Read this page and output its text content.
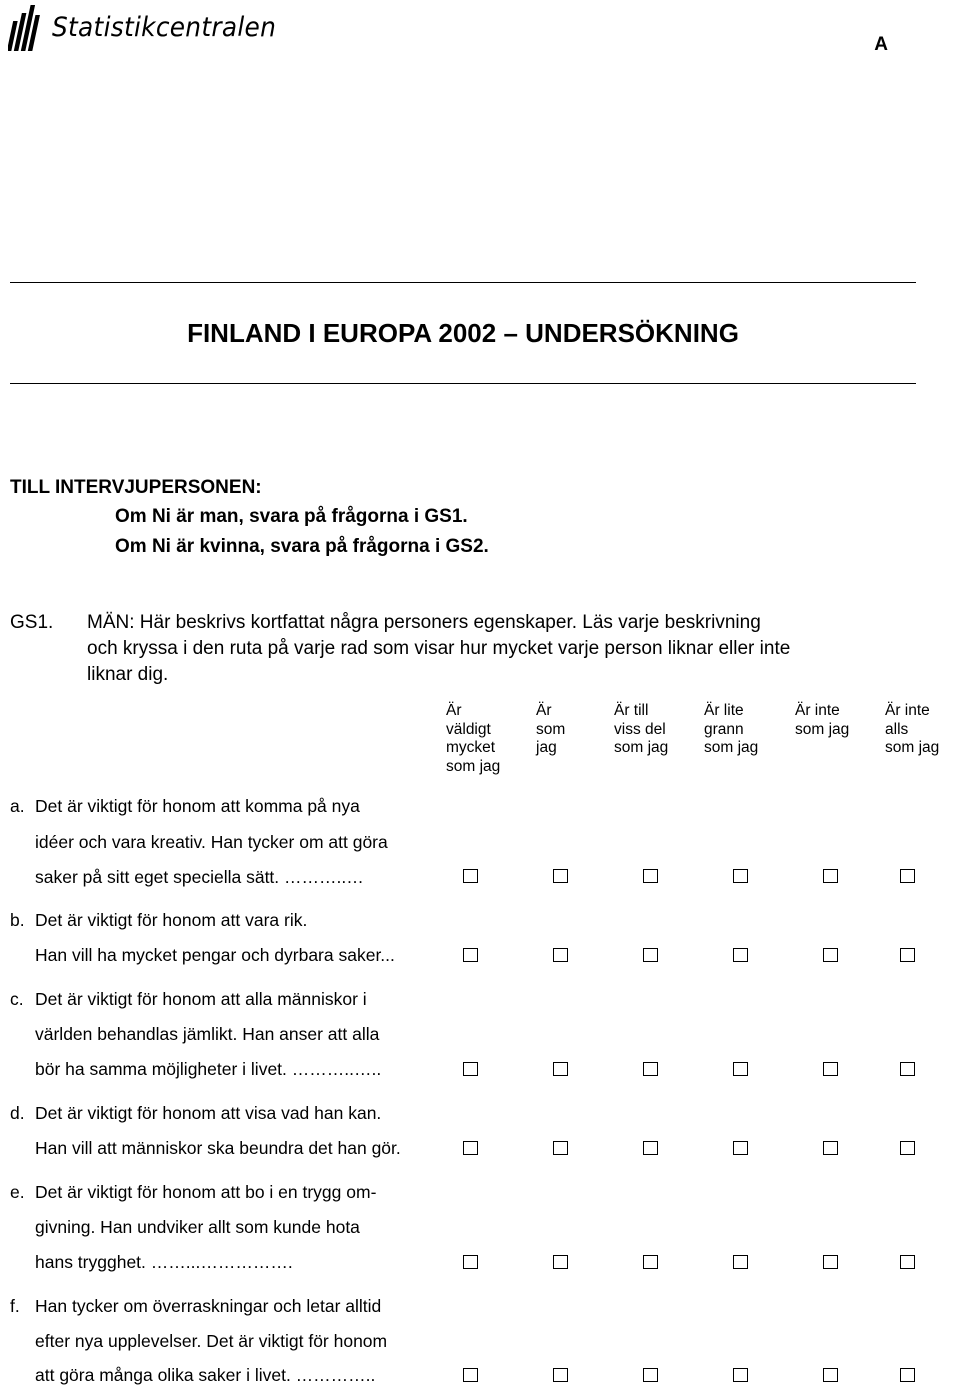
Statistikcentralen
A
FINLAND I EUROPA 2002 – UNDERSÖKNING
TILL INTERVJUPERSONEN:
Om Ni är man, svara på frågorna i GS1.
Om Ni är kvinna, svara på frågorna i GS2.
GS1. MÄN: Här beskrivs kortfattat några personers egenskaper. Läs varje beskrivning
och kryssa i den ruta på varje rad som visar hur mycket varje person liknar eller inte
liknar dig.
Är
väldigt
mycket
som jag
Är
som
jag
Är till
viss del
som jag
Är lite
grann
som jag
Är inte
som jag
Är inte
alls
som jag
a. Det är viktigt för honom att komma på nya
idéer och vara kreativ. Han tycker om att göra
saker på sitt eget speciella sätt. ………..…
b. Det är viktigt för honom att vara rik.
Han vill ha mycket pengar och dyrbara saker...
c. Det är viktigt för honom att alla människor i
världen behandlas jämlikt. Han anser att alla
bör ha samma möjligheter i livet. ………..…..
d. Det är viktigt för honom att visa vad han kan.
Han vill att människor ska beundra det han gör.
e. Det är viktigt för honom att bo i en trygg om-
givning. Han undviker allt som kunde hota
hans trygghet. ……...…………….
f. Han tycker om överraskningar och letar alltid
efter nya upplevelser. Det är viktigt för honom
att göra många olika saker i livet. …………..
